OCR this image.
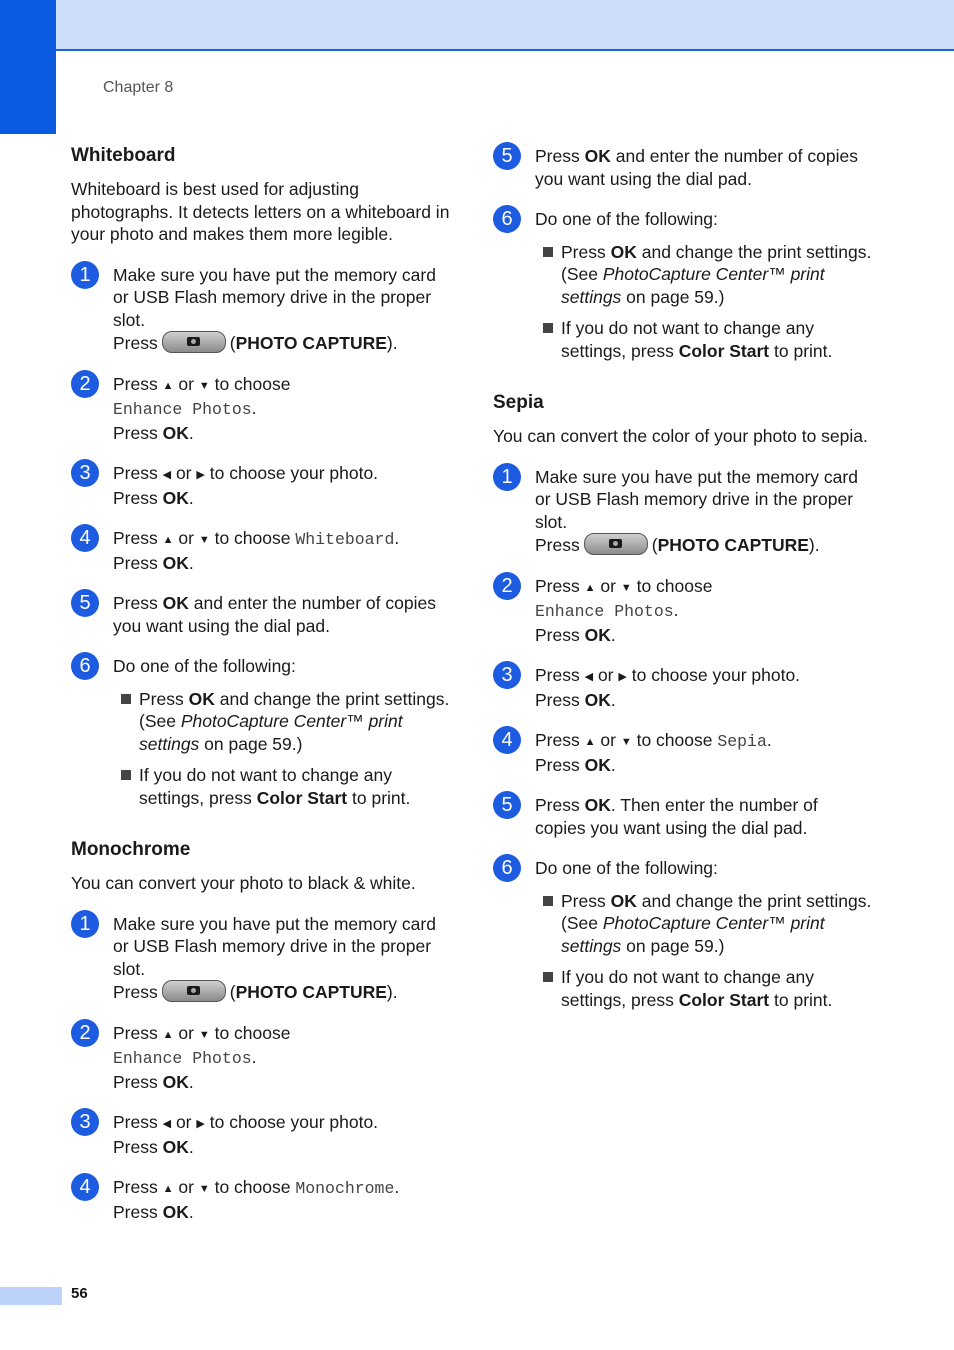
Chapter 8
56
Whiteboard

Whiteboard is best used for adjusting photographs. It detects letters on a whiteboard in your photo and makes them more legible.

1	Make sure you have put the memory card or USB Flash memory drive in the proper slot.

Press	(PHOTO CAPTURE).

2	Press ▲ or ▼ to choose
Enhance Photos.

Press OK.

3	Press ◀ or ▶ to choose your photo.

Press OK.

4	Press ▲ or ▼ to choose Whiteboard.

Press OK.

5	Press OK and enter the number of copies you want using the dial pad.

6	Do one of the following:

Press OK and change the print settings. (See PhotoCapture Center™ print settings on page 59.)
If you do not want to change any settings, press Color Start to print.
Monochrome

You can convert your photo to black & white.

1	Make sure you have put the memory card or USB Flash memory drive in the proper slot.

Press	(PHOTO CAPTURE).

2	Press ▲ or ▼ to choose
Enhance Photos.

Press OK.

3	Press ◀ or ▶ to choose your photo.

Press OK.

4	Press ▲ or ▼ to choose Monochrome.

Press OK.

5	Press OK and enter the number of copies you want using the dial pad.

6	Do one of the following:

Press OK and change the print settings. (See PhotoCapture Center™ print settings on page 59.)
If you do not want to change any settings, press Color Start to print.
Sepia

You can convert the color of your photo to sepia.

1	Make sure you have put the memory card or USB Flash memory drive in the proper slot.

Press	(PHOTO CAPTURE).

2	Press ▲ or ▼ to choose
Enhance Photos.

Press OK.

3	Press ◀ or ▶ to choose your photo.

Press OK.

4	Press ▲ or ▼ to choose Sepia.

Press OK.

5	Press OK. Then enter the number of copies you want using the dial pad.

6	Do one of the following:

Press OK and change the print settings. (See PhotoCapture Center™ print settings on page 59.)
If you do not want to change any settings, press Color Start to print.
